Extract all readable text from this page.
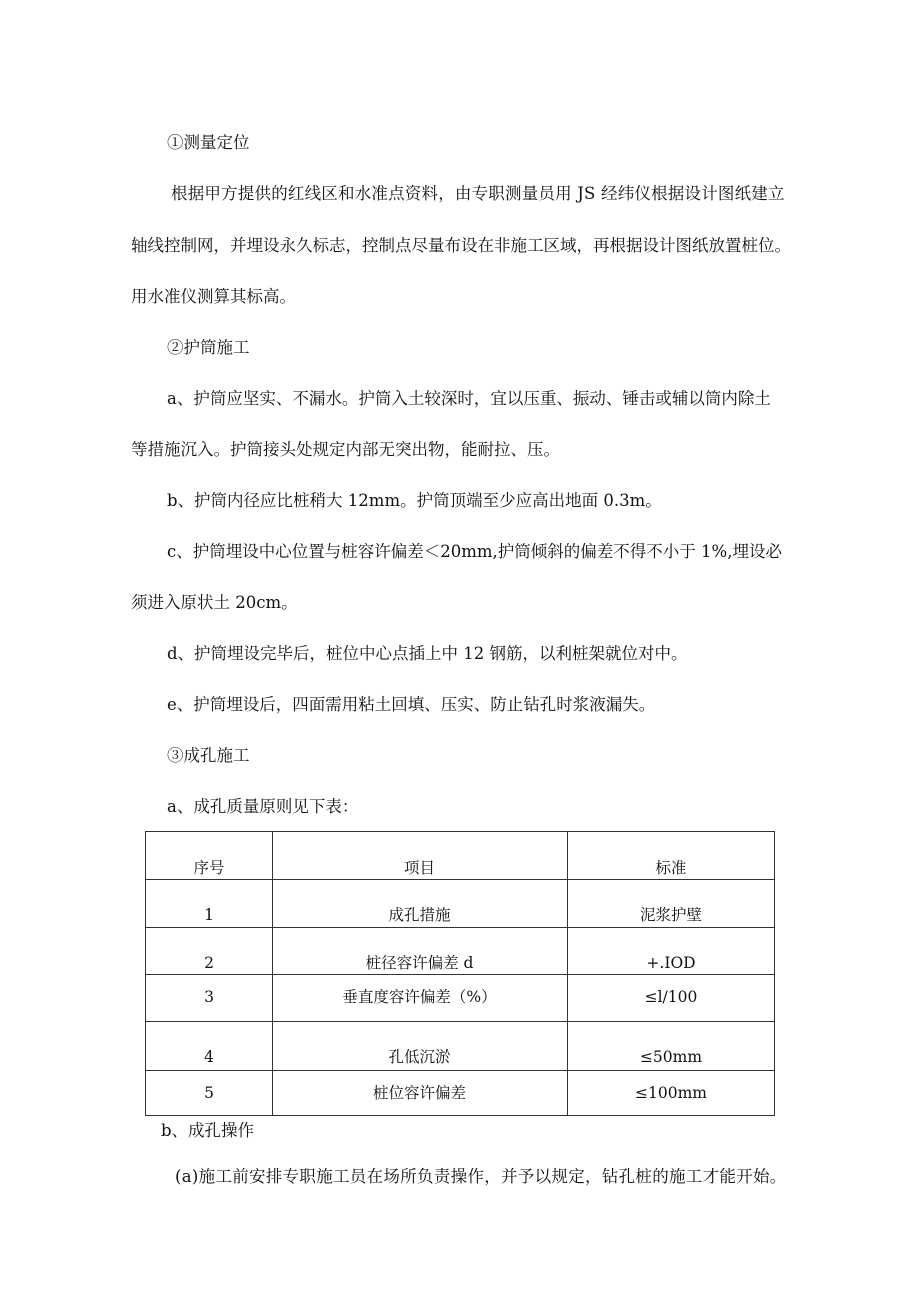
①测量定位
根据甲方提供的红线区和水准点资料，由专职测量员用 JS 经纬仪根据设计图纸建立
轴线控制网，并埋设永久标志，控制点尽量布设在非施工区域，再根据设计图纸放置桩位。
用水准仪测算其标高。
②护筒施工
a、护筒应坚实、不漏水。护筒入土较深时，宜以压重、振动、锤击或辅以筒内除土
等措施沉入。护筒接头处规定内部无突出物，能耐拉、压。
b、护筒内径应比桩稍大 12mm。护筒顶端至少应高出地面 0.3m。
c、护筒埋设中心位置与桩容许偏差＜20mm,护筒倾斜的偏差不得不小于 1%,埋设必
须进入原状土 20cm。
d、护筒埋设完毕后，桩位中心点插上中 12 钢筋，以利桩架就位对中。
e、护筒埋设后，四面需用粘土回填、压实、防止钻孔时浆液漏失。
③成孔施工
a、成孔质量原则见下表：
序号	项目	标准
1	成孔措施	泥浆护壁
2	桩径容许偏差 d	+.IOD
3	垂直度容许偏差（%）	≤l/100
4	孔低沉淤	≤50mm
5	桩位容许偏差	≤100mm
b、成孔操作
(a)施工前安排专职施工员在场所负责操作，并予以规定，钻孔桩的施工才能开始。
